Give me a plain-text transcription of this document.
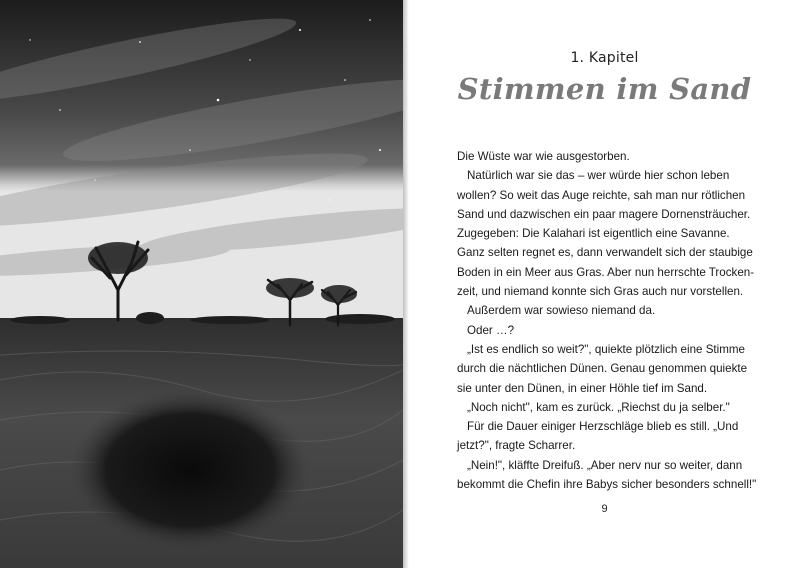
1. Kapitel
Stimmen im Sand
Die Wüste war wie ausgestorben.
Natürlich war sie das – wer würde hier schon leben
wollen? So weit das Auge reichte, sah man nur rötlichen
Sand und dazwischen ein paar magere Dornensträucher.
Zugegeben: Die Kalahari ist eigentlich eine Savanne.
Ganz selten regnet es, dann verwandelt sich der staubige
Boden in ein Meer aus Gras. Aber nun herrschte Trocken-
zeit, und niemand konnte sich Gras auch nur vorstellen.
Außerdem war sowieso niemand da.
Oder …?
„Ist es endlich so weit?", quiekte plötzlich eine Stimme
durch die nächtlichen Dünen. Genau genommen quiekte
sie unter den Dünen, in einer Höhle tief im Sand.
„Noch nicht", kam es zurück. „Riechst du ja selber."
Für die Dauer einiger Herzschläge blieb es still. „Und
jetzt?", fragte Scharrer.
„Nein!", kläffte Dreifuß. „Aber nerv nur so weiter, dann
bekommt die Chefin ihre Babys sicher besonders schnell!"
9
